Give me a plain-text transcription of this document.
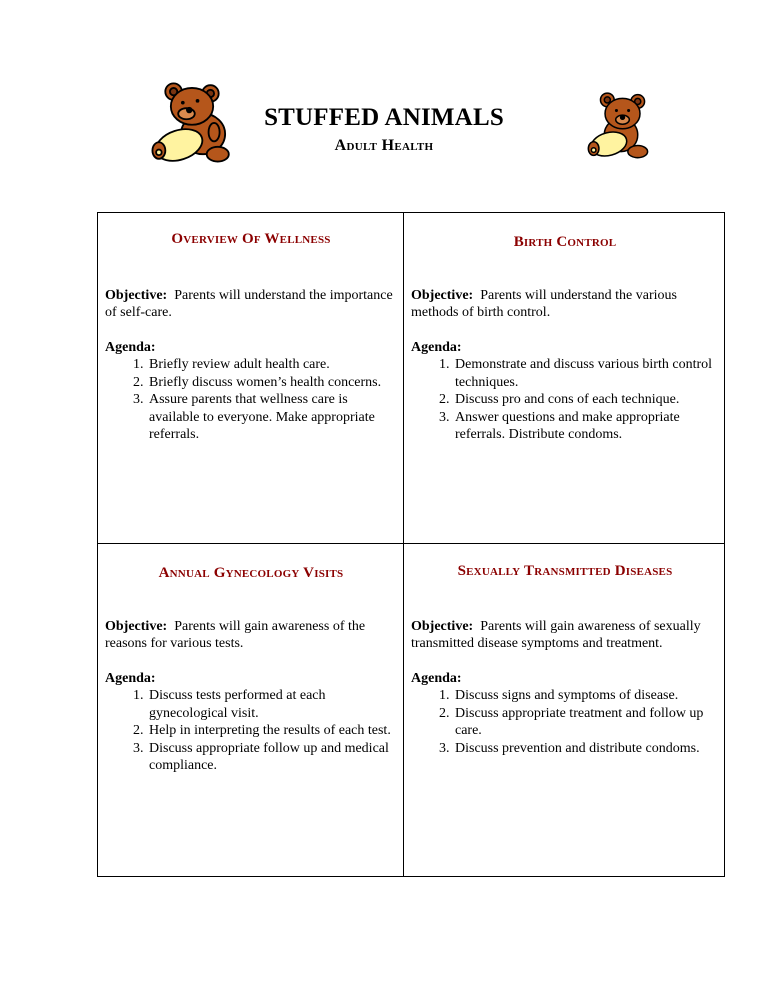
STUFFED ANIMALS
Adult Health
Overview Of Wellness
Objective: Parents will understand the importance of self-care.
Agenda:
1. Briefly review adult health care.
2. Briefly discuss women’s health concerns.
3. Assure parents that wellness care is available to everyone. Make appropriate referrals.
Birth Control
Objective: Parents will understand the various methods of birth control.
Agenda:
1. Demonstrate and discuss various birth control techniques.
2. Discuss pro and cons of each technique.
3. Answer questions and make appropriate referrals. Distribute condoms.
Annual Gynecology Visits
Objective: Parents will gain awareness of the reasons for various tests.
Agenda:
1. Discuss tests performed at each gynecological visit.
2. Help in interpreting the results of each test.
3. Discuss appropriate follow up and medical compliance.
Sexually Transmitted Diseases
Objective: Parents will gain awareness of sexually transmitted disease symptoms and treatment.
Agenda:
1. Discuss signs and symptoms of disease.
2. Discuss appropriate treatment and follow up care.
3. Discuss prevention and distribute condoms.
